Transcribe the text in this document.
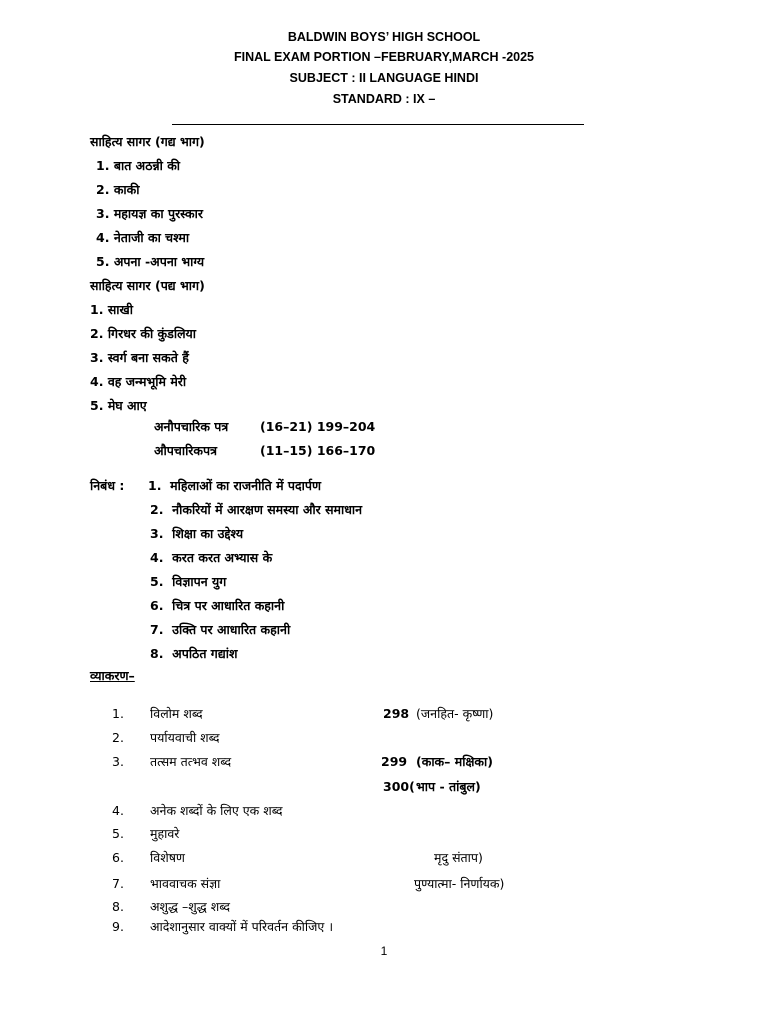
BALDWIN BOYS’ HIGH SCHOOL
FINAL EXAM PORTION –FEBRUARY,MARCH -2025
SUBJECT : II LANGUAGE HINDI
STANDARD : IX –
साहित्य सागर (गद्य भाग)
1. बात अठन्नी की
2. काकी
3. महायज्ञ का पुरस्कार
4. नेताजी का चश्मा
5. अपना -अपना भाग्य
साहित्य सागर (पद्य भाग)
1. साखी
2. गिरधर की कुंडलिया
3. स्वर्ग बना सकते हैं
4. वह जन्मभूमि मेरी
5. मेघ आए
अनौपचारिक पत्र	(16–21) 199–204
औपचारिकपत्र	(11–15) 166–170
निबंध : 1. महिलाओं का राजनीति में पदार्पण
2. नौकरियों में आरक्षण समस्या और समाधान
3. शिक्षा का उद्देश्य
4. करत करत अभ्यास के
5. विज्ञापन युग
6. चित्र पर आधारित कहानी
7. उक्ति पर आधारित कहानी
8. अपठित गद्यांश
व्याकरण–
1. विलोम शब्द	298 (जनहित- कृष्णा)
2. पर्यायवाची शब्द
3. तत्सम तत्भव शब्द	299 (काक– मक्षिका)
300( भाप - तांबुल)
4. अनेक शब्दों के लिए एक शब्द
5. मुहावरे
6. विशेषण	मृदु संताप)
7. भाववाचक संज्ञा	पुण्यात्मा- निर्णायक)
8. अशुद्ध –शुद्ध शब्द
9. आदेशानुसार वाक्यों में परिवर्तन कीजिए ।
1
